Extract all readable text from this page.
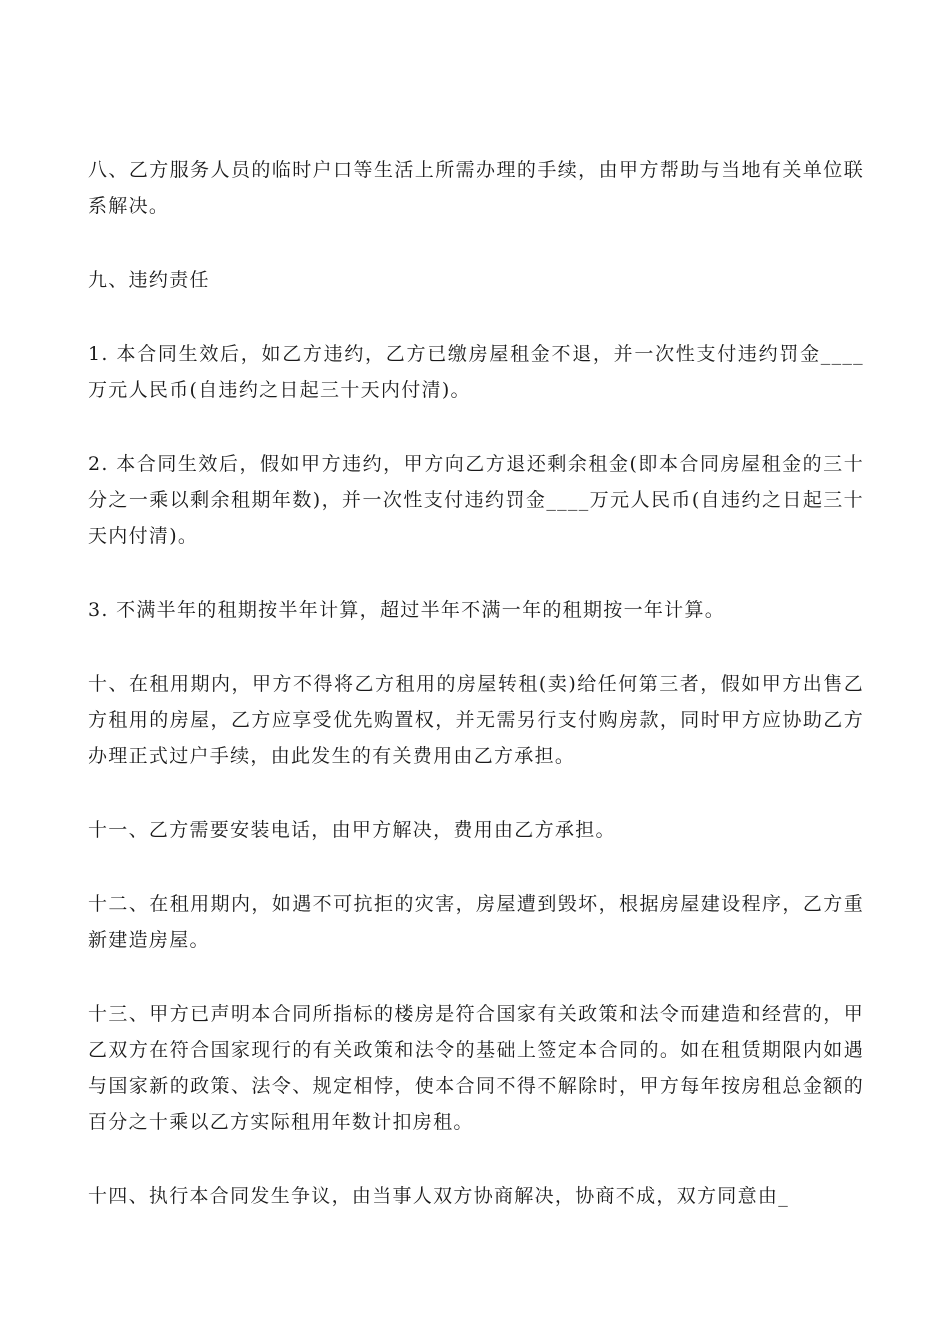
八、乙方服务人员的临时户口等生活上所需办理的手续，由甲方帮助与当地有关单位联系解决。

九、违约责任

1. 本合同生效后，如乙方违约，乙方已缴房屋租金不退，并一次性支付违约罚金____万元人民币(自违约之日起三十天内付清)。

2. 本合同生效后，假如甲方违约，甲方向乙方退还剩余租金(即本合同房屋租金的三十分之一乘以剩余租期年数)，并一次性支付违约罚金____万元人民币(自违约之日起三十天内付清)。

3. 不满半年的租期按半年计算，超过半年不满一年的租期按一年计算。

十、在租用期内，甲方不得将乙方租用的房屋转租(卖)给任何第三者，假如甲方出售乙方租用的房屋，乙方应享受优先购置权，并无需另行支付购房款，同时甲方应协助乙方办理正式过户手续，由此发生的有关费用由乙方承担。

十一、乙方需要安装电话，由甲方解决，费用由乙方承担。

十二、在租用期内，如遇不可抗拒的灾害，房屋遭到毁坏，根据房屋建设程序，乙方重新建造房屋。

十三、甲方已声明本合同所指标的楼房是符合国家有关政策和法令而建造和经营的，甲乙双方在符合国家现行的有关政策和法令的基础上签定本合同的。如在租赁期限内如遇与国家新的政策、法令、规定相悖，使本合同不得不解除时，甲方每年按房租总金额的百分之十乘以乙方实际租用年数计扣房租。

十四、执行本合同发生争议，由当事人双方协商解决，协商不成，双方同意由_
